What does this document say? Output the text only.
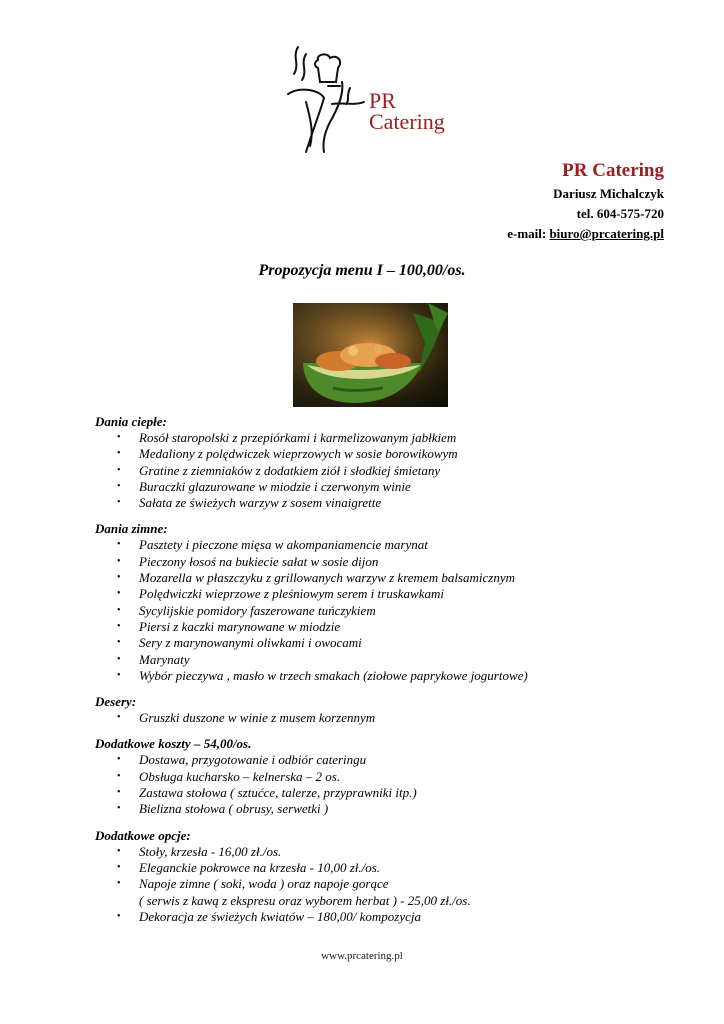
PR
Catering
PR Catering
Dariusz Michalczyk
tel. 604-575-720
e-mail: biuro@prcatering.pl
Propozycja menu I – 100,00/os.
Dania ciepłe:
• Rosół staropolski z przepiórkami i karmelizowanym jabłkiem
• Medaliony z polędwiczek wieprzowych w sosie borowikowym
• Gratine z ziemniaków z dodatkiem ziół i słodkiej śmietany
• Buraczki glazurowane w miodzie i czerwonym winie
• Sałata ze świeżych warzyw z sosem vinaigrette
Dania zimne:
• Pasztety i pieczone mięsa w akompaniamencie marynat
• Pieczony łosoś na bukiecie sałat w sosie dijon
• Mozarella w płaszczyku z grillowanych warzyw z kremem balsamicznym
• Polędwiczki wieprzowe z pleśniowym serem i truskawkami
• Sycylijskie pomidory faszerowane tuńczykiem
• Piersi z kaczki marynowane w miodzie
• Sery z marynowanymi oliwkami i owocami
• Marynaty
• Wybór pieczywa , masło w trzech smakach (ziołowe paprykowe jogurtowe)
Desery:
• Gruszki duszone w winie z musem korzennym
Dodatkowe koszty – 54,00/os.
• Dostawa, przygotowanie i odbiór cateringu
• Obsługa kucharsko – kelnerska – 2 os.
• Zastawa stołowa ( sztućce, talerze, przyprawniki itp.)
• Bielizna stołowa ( obrusy, serwetki )
Dodatkowe opcje:
• Stoły, krzesła - 16,00 zł./os.
• Eleganckie pokrowce na krzesła - 10,00 zł./os.
• Napoje zimne ( soki, woda ) oraz napoje gorące
( serwis z kawą z ekspresu oraz wyborem herbat ) - 25,00 zł./os.
• Dekoracja ze świeżych kwiatów – 180,00/ kompozycja
www.prcatering.pl
